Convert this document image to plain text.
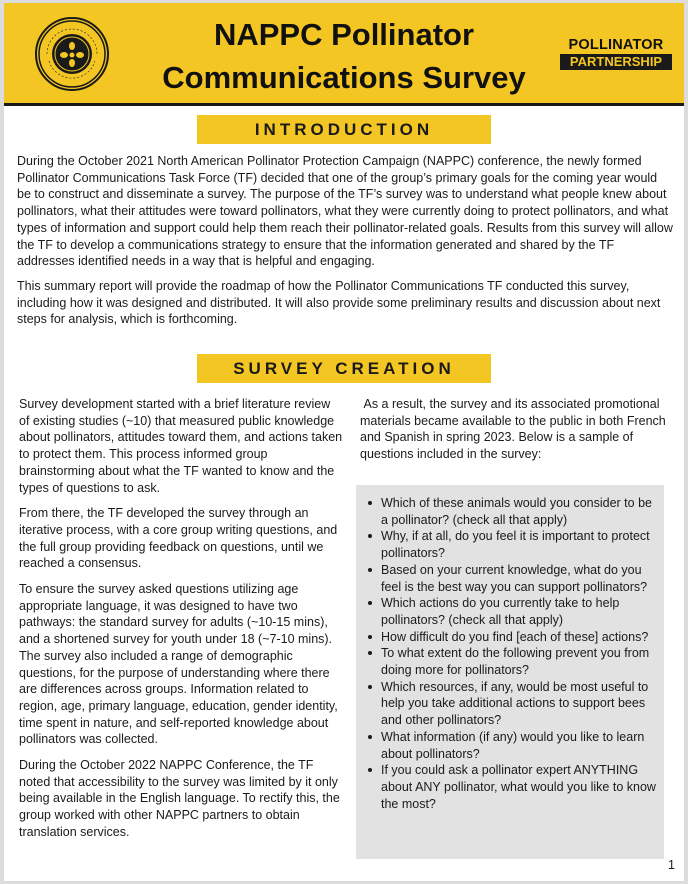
NAPPC Pollinator
Communications Survey
POLLINATOR
PARTNERSHIP
INTRODUCTION

During the October 2021 North American Pollinator Protection Campaign (NAPPC) conference, the newly formed Pollinator Communications Task Force (TF) decided that one of the group’s primary goals for the coming year would be to construct and disseminate a survey. The purpose of the TF’s survey was to understand what people knew about pollinators, what their attitudes were toward pollinators, what they were currently doing to protect pollinators, and what types of information and support could help them reach their pollinator-related goals. Results from this survey will allow the TF to develop a communications strategy to ensure that the information generated and shared by the TF addresses identified needs in a way that is helpful and engaging.

This summary report will provide the roadmap of how the Pollinator Communications TF conducted this survey, including how it was designed and distributed. It will also provide some preliminary results and discussion about next steps for analysis, which is forthcoming.

SURVEY CREATION

Survey development started with a brief literature review of existing studies (~10) that measured public knowledge about pollinators, attitudes toward them, and actions taken to protect them. This process informed group brainstorming about what the TF wanted to know and the types of questions to ask.

From there, the TF developed the survey through an iterative process, with a core group writing questions, and the full group providing feedback on questions, until we reached a consensus.

To ensure the survey asked questions utilizing age appropriate language, it was designed to have two pathways: the standard survey for adults (~10-15 mins), and a shortened survey for youth under 18 (~7-10 mins). The survey also included a range of demographic questions, for the purpose of understanding where there are differences across groups. Information related to region, age, primary language, education, gender identity, time spent in nature, and self-reported knowledge about pollinators was collected.

During the October 2022 NAPPC Conference, the TF noted that accessibility to the survey was limited by it only being available in the English language. To rectify this, the group worked with other NAPPC partners to obtain translation services.

As a result, the survey and its associated promotional materials became available to the public in both French and Spanish in spring 2023. Below is a sample of questions included in the survey:

Which of these animals would you consider to be a pollinator? (check all that apply)
Why, if at all, do you feel it is important to protect pollinators?
Based on your current knowledge, what do you feel is the best way you can support pollinators?
Which actions do you currently take to help pollinators? (check all that apply)
How difficult do you find [each of these] actions?
To what extent do the following prevent you from doing more for pollinators?
Which resources, if any, would be most useful to help you take additional actions to support bees and other pollinators?
What information (if any) would you like to learn about pollinators?
If you could ask a pollinator expert ANYTHING about ANY pollinator, what would you like to know the most?
1
